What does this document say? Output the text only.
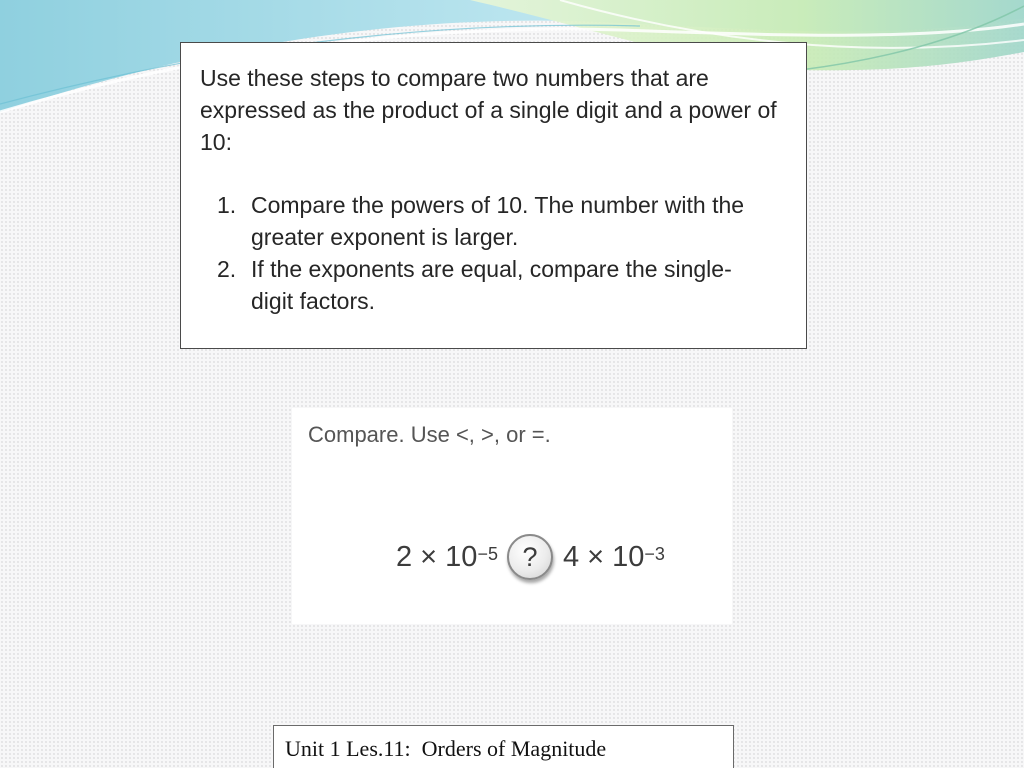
Use these steps to compare two numbers that are expressed as the product of a single digit and a power of 10:

1. Compare the powers of 10. The number with the greater exponent is larger.
2. If the exponents are equal, compare the single-digit factors.

Compare. Use <, >, or =.

$2 \times 10^{-5}$ ? $4 \times 10^{-3}$
Unit 1 Les.11:  Orders of Magnitude
